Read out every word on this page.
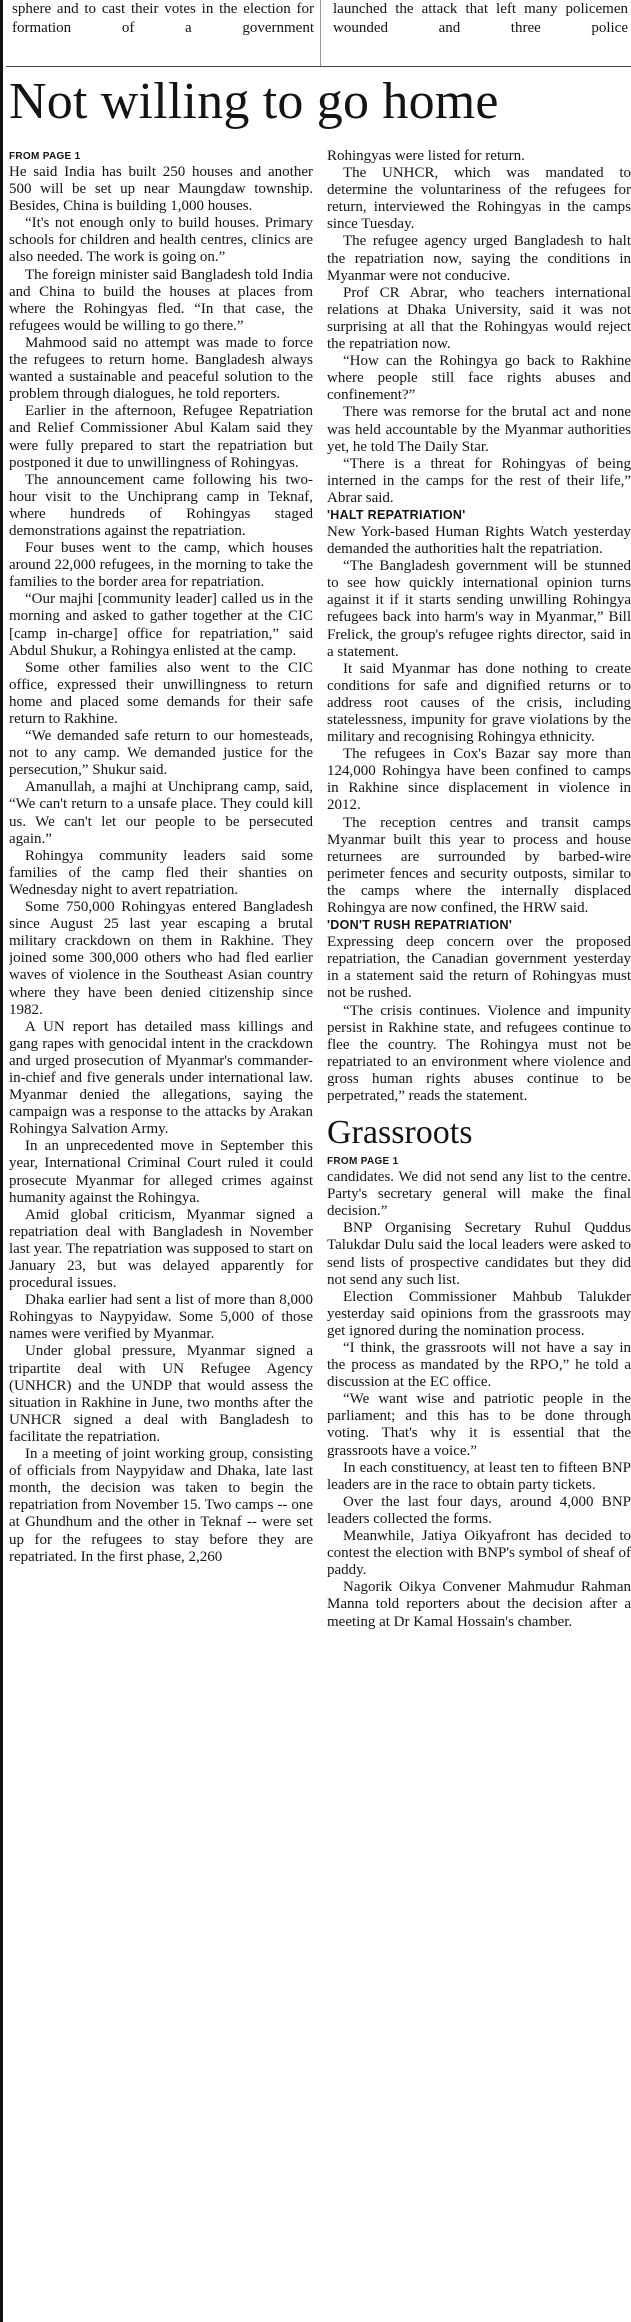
sphere and to cast their votes in the election for formation of a government

launched the attack that left many policemen wounded and three police

Not willing to go home

FROM PAGE 1

He said India has built 250 houses and another 500 will be set up near Maungdaw township. Besides, China is building 1,000 houses.

“It's not enough only to build houses. Primary schools for children and health centres, clinics are also needed. The work is going on.”

The foreign minister said Bangladesh told India and China to build the houses at places from where the Rohingyas fled. “In that case, the refugees would be willing to go there.”

Mahmood said no attempt was made to force the refugees to return home. Bangladesh always wanted a sustainable and peaceful solution to the problem through dialogues, he told reporters.

Earlier in the afternoon, Refugee Repatriation and Relief Commissioner Abul Kalam said they were fully prepared to start the repatriation but postponed it due to unwillingness of Rohingyas.

The announcement came following his two-hour visit to the Unchiprang camp in Teknaf, where hundreds of Rohingyas staged demonstrations against the repatriation.

Four buses went to the camp, which houses around 22,000 refugees, in the morning to take the families to the border area for repatriation.

“Our majhi [community leader] called us in the morning and asked to gather together at the CIC [camp in-charge] office for repatriation,” said Abdul Shukur, a Rohingya enlisted at the camp.

Some other families also went to the CIC office, expressed their unwillingness to return home and placed some demands for their safe return to Rakhine.

“We demanded safe return to our homesteads, not to any camp. We demanded justice for the persecution,” Shukur said.

Amanullah, a majhi at Unchiprang camp, said, “We can't return to a unsafe place. They could kill us. We can't let our people to be persecuted again.”

Rohingya community leaders said some families of the camp fled their shanties on Wednesday night to avert repatriation.

Some 750,000 Rohingyas entered Bangladesh since August 25 last year escaping a brutal military crackdown on them in Rakhine. They joined some 300,000 others who had fled earlier waves of violence in the Southeast Asian country where they have been denied citizenship since 1982.

A UN report has detailed mass killings and gang rapes with genocidal intent in the crackdown and urged prosecution of Myanmar's commander-in-chief and five generals under international law. Myanmar denied the allegations, saying the campaign was a response to the attacks by Arakan Rohingya Salvation Army.

In an unprecedented move in September this year, International Criminal Court ruled it could prosecute Myanmar for alleged crimes against humanity against the Rohingya.

Amid global criticism, Myanmar signed a repatriation deal with Bangladesh in November last year. The repatriation was supposed to start on January 23, but was delayed apparently for procedural issues.

Dhaka earlier had sent a list of more than 8,000 Rohingyas to Naypyidaw. Some 5,000 of those names were verified by Myanmar.

Under global pressure, Myanmar signed a tripartite deal with UN Refugee Agency (UNHCR) and the UNDP that would assess the situation in Rakhine in June, two months after the UNHCR signed a deal with Bangladesh to facilitate the repatriation.

In a meeting of joint working group, consisting of officials from Naypyidaw and Dhaka, late last month, the decision was taken to begin the repatriation from November 15. Two camps -- one at Ghundhum and the other in Teknaf -- were set up for the refugees to stay before they are repatriated. In the first phase, 2,260

Rohingyas were listed for return.

The UNHCR, which was mandated to determine the voluntariness of the refugees for return, interviewed the Rohingyas in the camps since Tuesday.

The refugee agency urged Bangladesh to halt the repatriation now, saying the conditions in Myanmar were not conducive.

Prof CR Abrar, who teachers international relations at Dhaka University, said it was not surprising at all that the Rohingyas would reject the repatriation now.

“How can the Rohingya go back to Rakhine where people still face rights abuses and confinement?”

There was remorse for the brutal act and none was held accountable by the Myanmar authorities yet, he told The Daily Star.

“There is a threat for Rohingyas of being interned in the camps for the rest of their life,” Abrar said.

'HALT REPATRIATION'

New York-based Human Rights Watch yesterday demanded the authorities halt the repatriation.

“The Bangladesh government will be stunned to see how quickly international opinion turns against it if it starts sending unwilling Rohingya refugees back into harm's way in Myanmar,” Bill Frelick, the group's refugee rights director, said in a statement.

It said Myanmar has done nothing to create conditions for safe and dignified returns or to address root causes of the crisis, including statelessness, impunity for grave violations by the military and recognising Rohingya ethnicity.

The refugees in Cox's Bazar say more than 124,000 Rohingya have been confined to camps in Rakhine since displacement in violence in 2012.

The reception centres and transit camps Myanmar built this year to process and house returnees are surrounded by barbed-wire perimeter fences and security outposts, similar to the camps where the internally displaced Rohingya are now confined, the HRW said.

'DON'T RUSH REPATRIATION'

Expressing deep concern over the proposed repatriation, the Canadian government yesterday in a statement said the return of Rohingyas must not be rushed.

“The crisis continues. Violence and impunity persist in Rakhine state, and refugees continue to flee the country. The Rohingya must not be repatriated to an environment where violence and gross human rights abuses continue to be perpetrated,” reads the statement.

Grassroots

FROM PAGE 1

candidates. We did not send any list to the centre. Party's secretary general will make the final decision.”

BNP Organising Secretary Ruhul Quddus Talukdar Dulu said the local leaders were asked to send lists of prospective candidates but they did not send any such list.

Election Commissioner Mahbub Talukder yesterday said opinions from the grassroots may get ignored during the nomination process.

“I think, the grassroots will not have a say in the process as mandated by the RPO,” he told a discussion at the EC office.

“We want wise and patriotic people in the parliament; and this has to be done through voting. That's why it is essential that the grassroots have a voice.”

In each constituency, at least ten to fifteen BNP leaders are in the race to obtain party tickets.

Over the last four days, around 4,000 BNP leaders collected the forms.

Meanwhile, Jatiya Oikyafront has decided to contest the election with BNP's symbol of sheaf of paddy.

Nagorik Oikya Convener Mahmudur Rahman Manna told reporters about the decision after a meeting at Dr Kamal Hossain's chamber.
